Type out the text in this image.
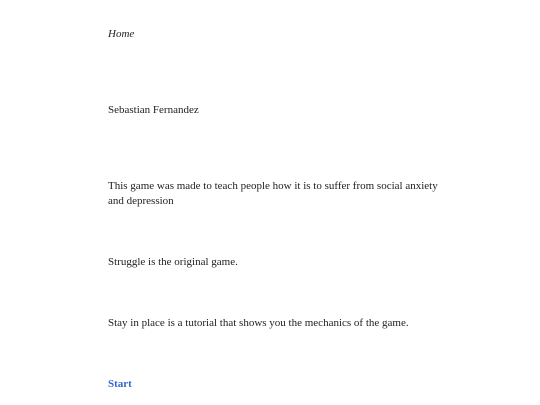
Home

Sebastian Fernandez

This game was made to teach people how it is to suffer from social anxiety and depression

Struggle is the original game.

Stay in place is a tutorial that shows you the mechanics of the game.

Start
